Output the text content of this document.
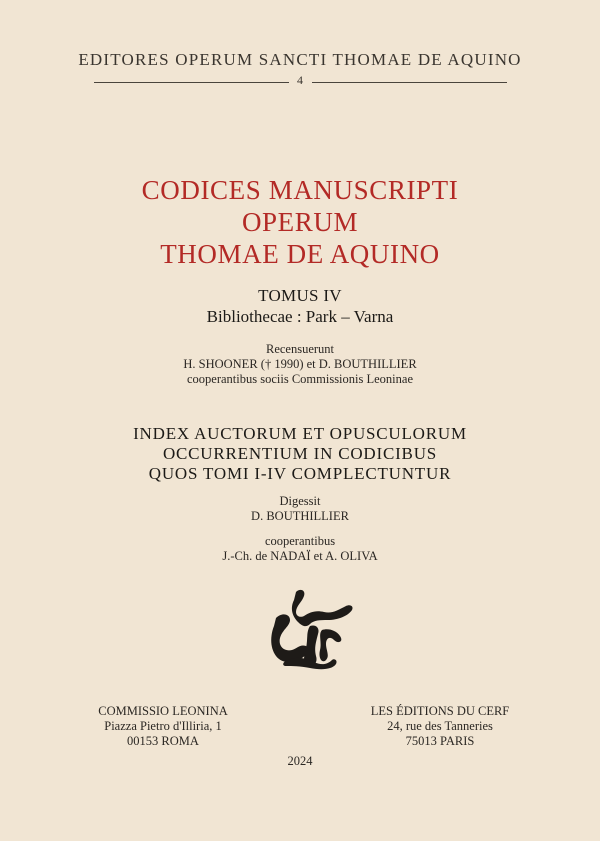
EDITORES OPERUM SANCTI THOMAE DE AQUINO
4
CODICES MANUSCRIPTI
OPERUM
THOMAE DE AQUINO
TOMUS IV
Bibliothecae : Park – Varna
Recensuerunt
H. SHOONER († 1990) et D. BOUTHILLIER
cooperantibus sociis Commissionis Leoninae
INDEX AUCTORUM ET OPUSCULORUM
OCCURRENTIUM IN CODICIBUS
QUOS TOMI I-IV COMPLECTUNTUR
Digessit
D. BOUTHILLIER
cooperantibus
J.-Ch. de NADAÏ et A. OLIVA
COMMISSIO LEONINA
Piazza Pietro d'Illiria, 1
00153 ROMA
LES ÉDITIONS DU CERF
24, rue des Tanneries
75013 PARIS
2024
